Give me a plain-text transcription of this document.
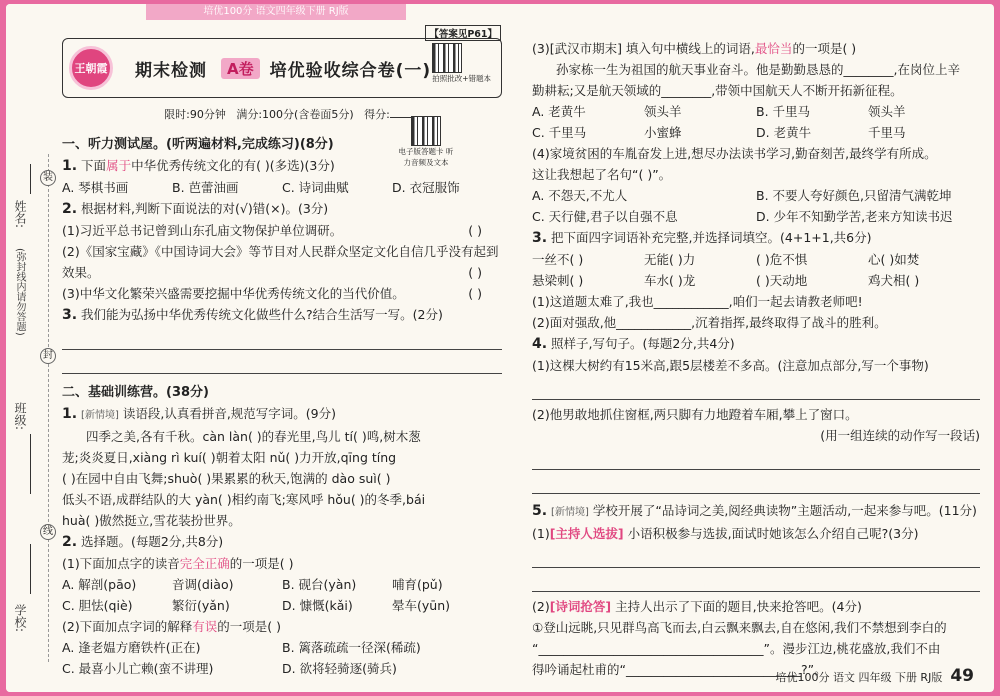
姓名:
(弥封线内请勿答题)
班级:
学校:
装
封
线
培优100分 语文四年级下册 RJ版
【答案见P61】
王朝霞	期末检测	A卷 培优验收综合卷(一) 拍照批改+错题本
限时:90分钟 满分:100分(含卷面5分) 得分:
一、听力测试屋。(听两遍材料,完成练习)(8分)
1. 下面属于中华优秀传统文化的有( )(多选)(3分)
A. 琴棋书画	B. 芭蕾油画	C. 诗词曲赋	D. 衣冠服饰
2. 根据材料,判断下面说法的对(√)错(×)。(3分)
(1)习近平总书记曾到山东孔庙文物保护单位调研。	( )
(2)《国家宝藏》《中国诗词大会》等节目对人民群众坚定文化自信几乎没有起到
效果。	( )
(3)中华文化繁荣兴盛需要挖掘中华优秀传统文化的当代价值。	( )
3. 我们能为弘扬中华优秀传统文化做些什么?结合生活写一写。(2分)
二、基础训练营。(38分)
1. [新情境] 读语段,认真看拼音,规范写字词。(9分)
四季之美,各有千秋。càn làn( )的春光里,鸟儿 tí( )鸣,树木葱
茏;炎炎夏日,xiàng rì kuí( )朝着太阳 nǔ( )力开放,qīng tíng
( )在园中自由飞舞;shuò( )果累累的秋天,饱满的 dào suì( )
低头不语,成群结队的大 yàn( )相约南飞;寒风呼 hǒu( )的冬季,bái
huà( )傲然挺立,雪花装扮世界。
2. 选择题。(每题2分,共8分)
(1)下面加点字的读音完全正确的一项是( )
A. 解剖(pāo)	音调(diào)	B. 砚台(yàn)	哺育(pǔ)
C. 胆怯(qiè)	繁衍(yǎn)	D. 慷慨(kǎi)	晕车(yūn)
(2)下面加点字词的解释有误的一项是( )
A. 逢老媪方磨铁杵(正在)	B. 篱落疏疏一径深(稀疏)
C. 最喜小儿亡赖(蛮不讲理)	D. 欲将轻骑逐(骑兵)
电子版答题卡 听力音频及文本
(3)[武汉市期末] 填入句中横线上的词语,最恰当的一项是( )
孙家栋一生为祖国的航天事业奋斗。他是勤勤恳恳的________,在岗位上辛
勤耕耘;又是航天领域的________,带领中国航天人不断开拓新征程。
A. 老黄牛	领头羊	B. 千里马	领头羊
C. 千里马	小蜜蜂	D. 老黄牛	千里马
(4)家境贫困的车胤奋发上进,想尽办法读书学习,勤奋刻苦,最终学有所成。
这让我想起了名句“( )”。
A. 不怨天,不尤人	B. 不要人夸好颜色,只留清气满乾坤
C. 天行健,君子以自强不息	D. 少年不知勤学苦,老来方知读书迟
3. 把下面四字词语补充完整,并选择词填空。(4+1+1,共6分)
一丝不( )	无能( )力	( )危不惧	心( )如焚
悬梁刺( )	车水( )龙	( )天动地	鸡犬相( )
(1)这道题太难了,我也____________,咱们一起去请教老师吧!
(2)面对强敌,他____________,沉着指挥,最终取得了战斗的胜利。
4. 照样子,写句子。(每题2分,共4分)
(1)这棵大树约有15米高,跟5层楼差不多高。(注意加点部分,写一个事物)
(2)他男敢地抓住窗框,两只脚有力地蹬着车厢,攀上了窗口。
(用一组连续的动作写一段话)
5. [新情境] 学校开展了“品诗词之美,阅经典读物”主题活动,一起来参与吧。(11分)
(1)[主持人选拔] 小语积极参与选拔,面试时她该怎么介绍自己呢?(3分)
(2)[诗词抢答] 主持人出示了下面的题目,快来抢答吧。(4分)
①登山远眺,只见群鸟高飞而去,白云飘来飘去,自在悠闲,我们不禁想到李白的
“____________________________________”。漫步江边,桃花盛放,我们不由
得吟诵起杜甫的“____________________________?”。
培优100分 语文 四年级 下册 RJ版 49
